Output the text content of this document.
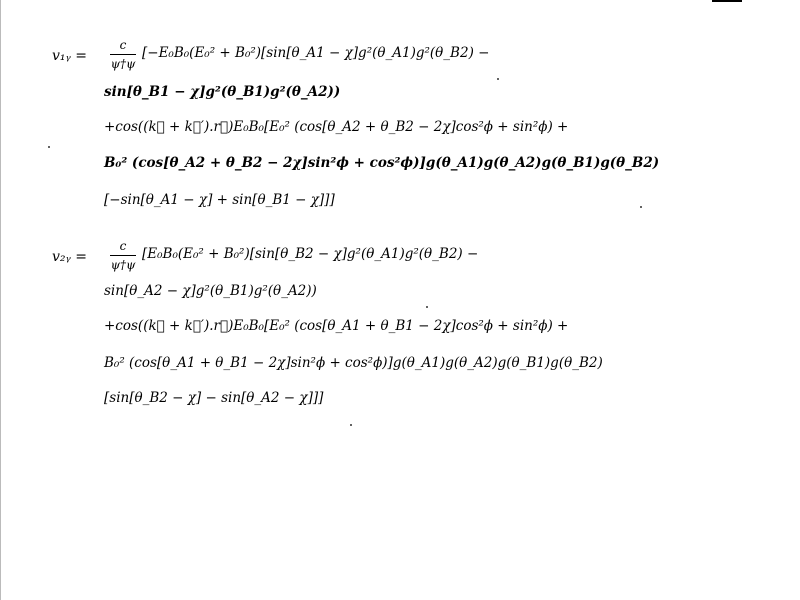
v₁ᵧ =
c
ψ†ψ
[−E₀B₀(E₀² + B₀²)[sin[θ_A1 − χ]g²(θ_A1)g²(θ_B2) −
sin[θ_B1 − χ]g²(θ_B1)g²(θ_A2))
+cos((k⃗ + k⃗′).r⃗)E₀B₀[E₀² (cos[θ_A2 + θ_B2 − 2χ]cos²ϕ + sin²ϕ) +
B₀² (cos[θ_A2 + θ_B2 − 2χ]sin²ϕ + cos²ϕ)]g(θ_A1)g(θ_A2)g(θ_B1)g(θ_B2)
[−sin[θ_A1 − χ] + sin[θ_B1 − χ]]]
v₂ᵧ =
c
ψ†ψ
[E₀B₀(E₀² + B₀²)[sin[θ_B2 − χ]g²(θ_A1)g²(θ_B2) −
sin[θ_A2 − χ]g²(θ_B1)g²(θ_A2))
+cos((k⃗ + k⃗′).r⃗)E₀B₀[E₀² (cos[θ_A1 + θ_B1 − 2χ]cos²ϕ + sin²ϕ) +
B₀² (cos[θ_A1 + θ_B1 − 2χ]sin²ϕ + cos²ϕ)]g(θ_A1)g(θ_A2)g(θ_B1)g(θ_B2)
[sin[θ_B2 − χ] − sin[θ_A2 − χ]]]
